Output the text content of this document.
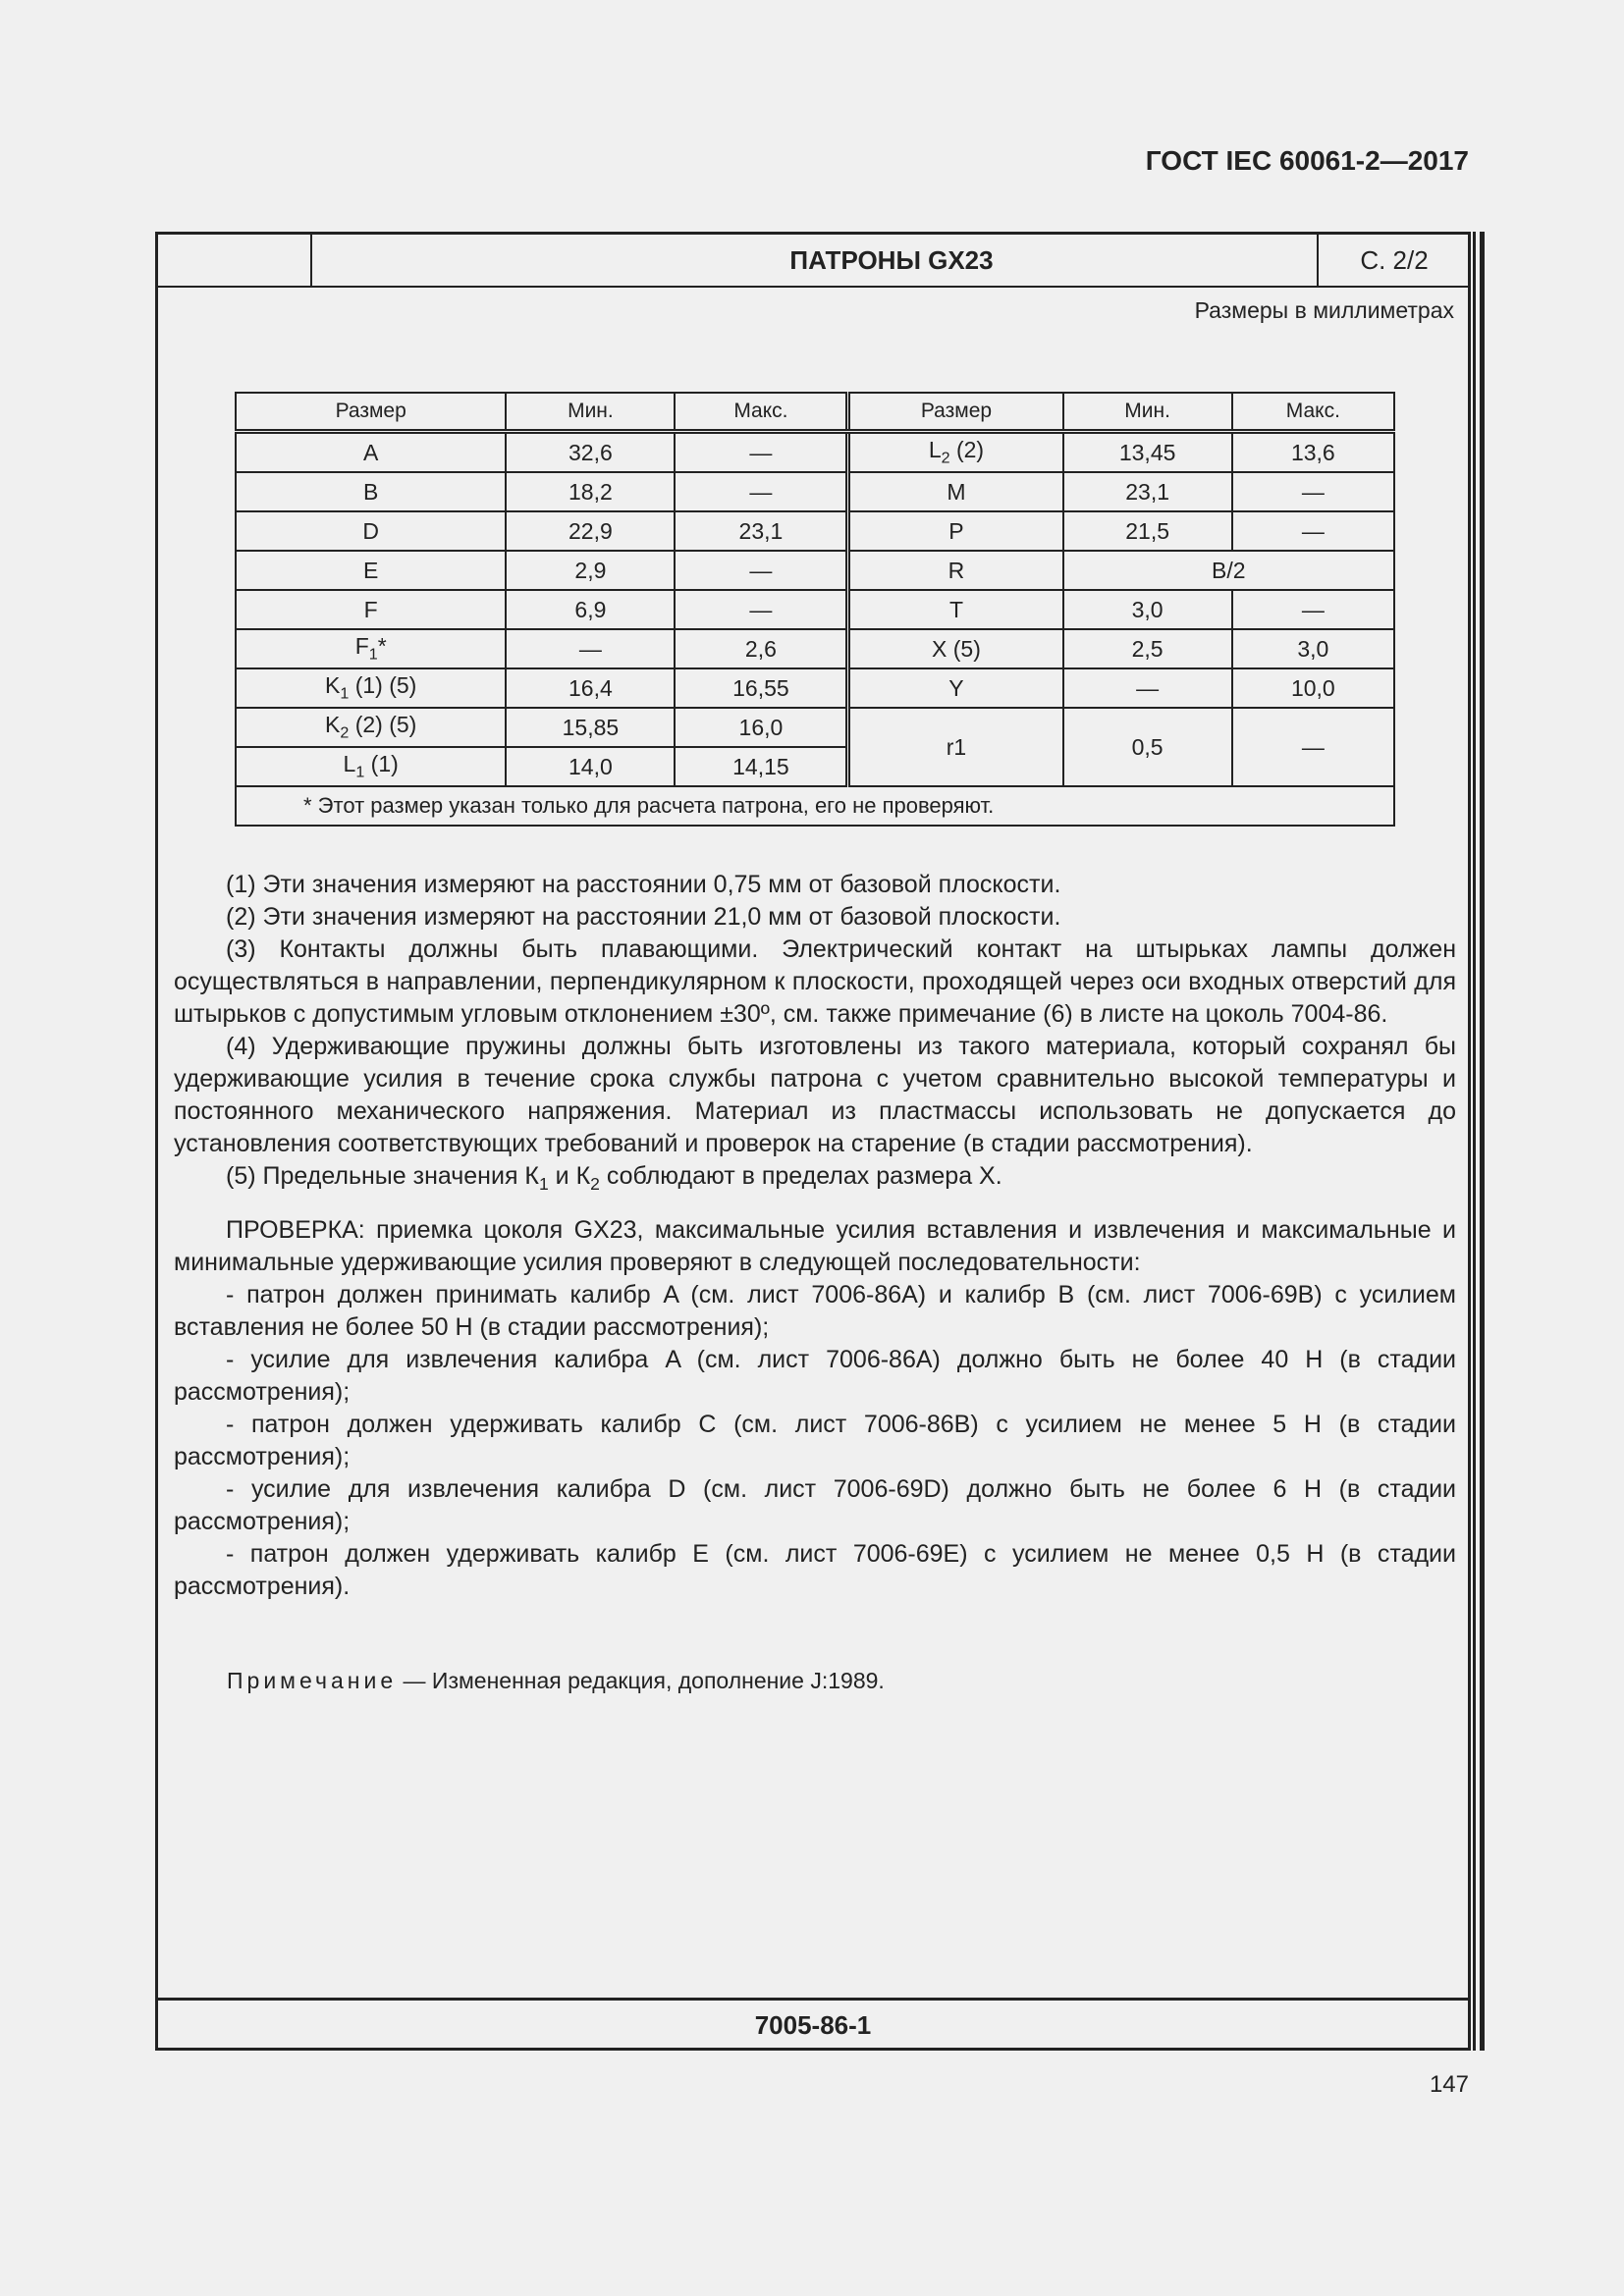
ГОСТ IEC 60061-2—2017
ПАТРОНЫ GX23	С. 2/2
Размеры в миллиметрах
Размер	Мин.	Макс.	Размер	Мин.	Макс.
A	32,6	—	$L_2$ (2)	13,45	13,6
B	18,2	—	M	23,1	—
D	22,9	23,1	P	21,5	—
E	2,9	—	R	B/2	
F	6,9	—	T	3,0	—
$F_1*$	—	2,6	X (5)	2,5	3,0
$K_1$ (1) (5)	16,4	16,55	Y	—	10,0
$K_2$ (2) (5)	15,85	16,0	r1	0,5	—
$L_1$ (1)	14,0	14,15			
* Этот размер указан только для расчета патрона, его не проверяют.					

(1) Эти значения измеряют на расстоянии 0,75 мм от базовой плоскости.

(2) Эти значения измеряют на расстоянии 21,0 мм от базовой плоскости.

(3) Контакты должны быть плавающими. Электрический контакт на штырьках лампы должен осуществляться в направлении, перпендикулярном к плоскости, проходящей через оси входных отверстий для штырьков с допустимым угловым отклонением ±30º, см. также примечание (6) в листе на цоколь 7004-86.

(4) Удерживающие пружины должны быть изготовлены из такого материала, который сохранял бы удерживающие усилия в течение срока службы патрона с учетом сравнительно высокой температуры и постоянного механического напряжения. Материал из пластмассы использовать не допускается до установления соответствующих требований и проверок на старение (в стадии рассмотрения).

(5) Предельные значения $К_1$ и $К_2$ соблюдают в пределах размера X.

ПРОВЕРКА: приемка цоколя GX23, максимальные усилия вставления и извлечения и максимальные и минимальные удерживающие усилия проверяют в следующей последовательности:

- патрон должен принимать калибр A (см. лист 7006-86A) и калибр B (см. лист 7006-69B) с усилием вставления не более 50 Н (в стадии рассмотрения);

- усилие для извлечения калибра A (см. лист 7006-86A) должно быть не более 40 Н (в стадии рассмотрения);

- патрон должен удерживать калибр C (см. лист 7006-86B) с усилием не менее 5 Н (в стадии рассмотрения);

- усилие для извлечения калибра D (см. лист 7006-69D) должно быть не более 6 Н (в стадии рассмотрения);

- патрон должен удерживать калибр E (см. лист 7006-69E) с усилием не менее 0,5 Н (в стадии рассмотрения).

Примечание — Измененная редакция, дополнение J:1989.
7005-86-1
147
